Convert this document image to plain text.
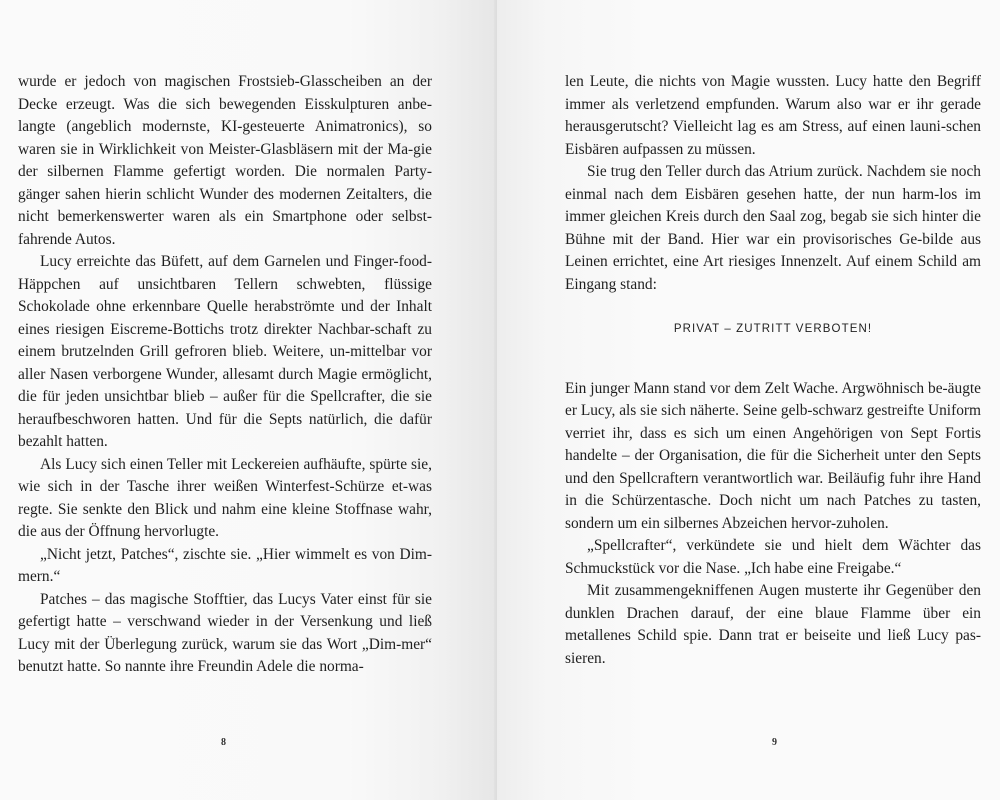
wurde er jedoch von magischen Frostsieb-Glasscheiben an der Decke erzeugt. Was die sich bewegenden Eisskulpturen anbe-langte (angeblich modernste, KI-gesteuerte Animatronics), so waren sie in Wirklichkeit von Meister-Glasbläsern mit der Ma-gie der silbernen Flamme gefertigt worden. Die normalen Party-gänger sahen hierin schlicht Wunder des modernen Zeitalters, die nicht bemerkenswerter waren als ein Smartphone oder selbst-fahrende Autos.

Lucy erreichte das Büfett, auf dem Garnelen und Finger-food-Häppchen auf unsichtbaren Tellern schwebten, flüssige Schokolade ohne erkennbare Quelle herabströmte und der Inhalt eines riesigen Eiscreme-Bottichs trotz direkter Nachbar-schaft zu einem brutzelnden Grill gefroren blieb. Weitere, un-mittelbar vor aller Nasen verborgene Wunder, allesamt durch Magie ermöglicht, die für jeden unsichtbar blieb – außer für die Spellcrafter, die sie heraufbeschworen hatten. Und für die Septs natürlich, die dafür bezahlt hatten.

Als Lucy sich einen Teller mit Leckereien aufhäufte, spürte sie, wie sich in der Tasche ihrer weißen Winterfest-Schürze et-was regte. Sie senkte den Blick und nahm eine kleine Stoffnase wahr, die aus der Öffnung hervorlugte.

„Nicht jetzt, Patches“, zischte sie. „Hier wimmelt es von Dim-mern.“

Patches – das magische Stofftier, das Lucys Vater einst für sie gefertigt hatte – verschwand wieder in der Versenkung und ließ Lucy mit der Überlegung zurück, warum sie das Wort „Dim-mer“ benutzt hatte. So nannte ihre Freundin Adele die norma-

8

len Leute, die nichts von Magie wussten. Lucy hatte den Begriff immer als verletzend empfunden. Warum also war er ihr gerade herausgerutscht? Vielleicht lag es am Stress, auf einen launi-schen Eisbären aufpassen zu müssen.

Sie trug den Teller durch das Atrium zurück. Nachdem sie noch einmal nach dem Eisbären gesehen hatte, der nun harm-los im immer gleichen Kreis durch den Saal zog, begab sie sich hinter die Bühne mit der Band. Hier war ein provisorisches Ge-bilde aus Leinen errichtet, eine Art riesiges Innenzelt. Auf einem Schild am Eingang stand:

PRIVAT – ZUTRITT VERBOTEN!

Ein junger Mann stand vor dem Zelt Wache. Argwöhnisch be-äugte er Lucy, als sie sich näherte. Seine gelb-schwarz gestreifte Uniform verriet ihr, dass es sich um einen Angehörigen von Sept Fortis handelte – der Organisation, die für die Sicherheit unter den Septs und den Spellcraftern verantwortlich war. Beiläufig fuhr ihre Hand in die Schürzentasche. Doch nicht um nach Patches zu tasten, sondern um ein silbernes Abzeichen hervor-zuholen.

„Spellcrafter“, verkündete sie und hielt dem Wächter das Schmuckstück vor die Nase. „Ich habe eine Freigabe.“

Mit zusammengekniffenen Augen musterte ihr Gegenüber den dunklen Drachen darauf, der eine blaue Flamme über ein metallenes Schild spie. Dann trat er beiseite und ließ Lucy pas-sieren.

9
